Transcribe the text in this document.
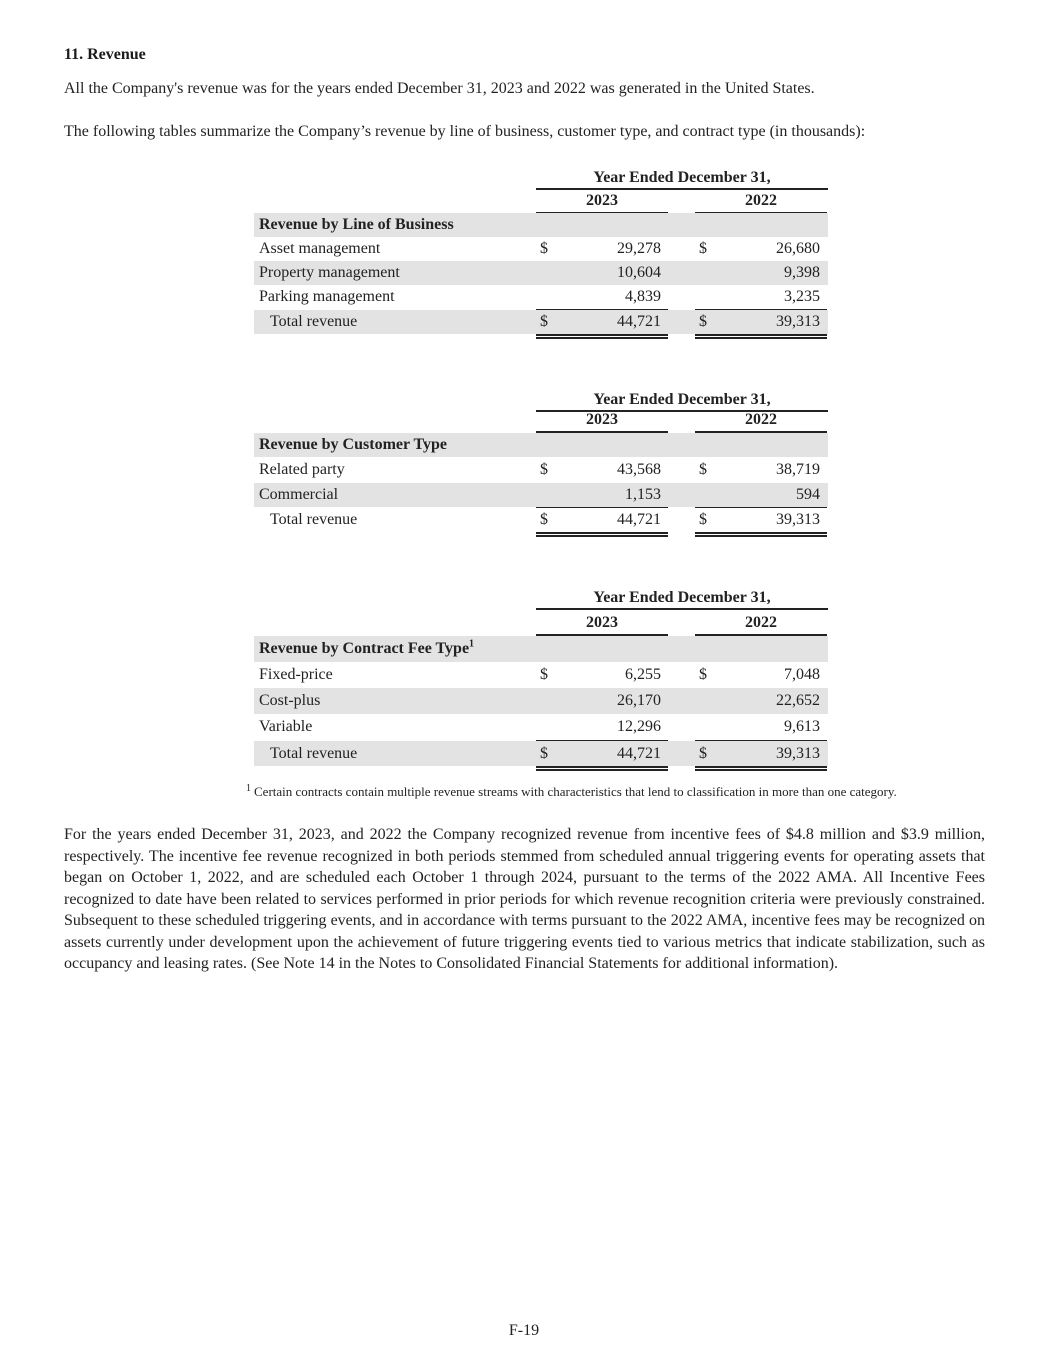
11. Revenue
All the Company's revenue was for the years ended December 31, 2023 and 2022 was generated in the United States.
The following tables summarize the Company’s revenue by line of business, customer type, and contract type (in thousands):
Year Ended December 31,
2023	2022
Revenue by Line of Business
Asset management	$	29,278 $	26,680
Property management	10,604	9,398
Parking management	4,839	3,235
Total revenue	$	44,721 $	39,313
Year Ended December 31,
2023	2022
Revenue by Customer Type
Related party	$	43,568 $	38,719
Commercial	1,153	594
Total revenue	$	44,721 $	39,313
Year Ended December 31,
2023	2022
Revenue by Contract Fee Type$^1$
Fixed-price	$	6,255 $	7,048
Cost-plus	26,170	22,652
Variable	12,296	9,613
Total revenue	$	44,721 $	39,313
$^1$ Certain contracts contain multiple revenue streams with characteristics that lend to classification in more than one category.
For the years ended December 31, 2023, and 2022 the Company recognized revenue from incentive fees of $4.8 million and $3.9 million, respectively. The incentive fee revenue recognized in both periods stemmed from scheduled annual triggering events for operating assets that began on October 1, 2022, and are scheduled each October 1 through 2024, pursuant to the terms of the 2022 AMA. All Incentive Fees recognized to date have been related to services performed in prior periods for which revenue recognition criteria were previously constrained. Subsequent to these scheduled triggering events, and in accordance with terms pursuant to the 2022 AMA, incentive fees may be recognized on assets currently under development upon the achievement of future triggering events tied to various metrics that indicate stabilization, such as occupancy and leasing rates. (See Note 14 in the Notes to Consolidated Financial Statements for additional information).
F-19
